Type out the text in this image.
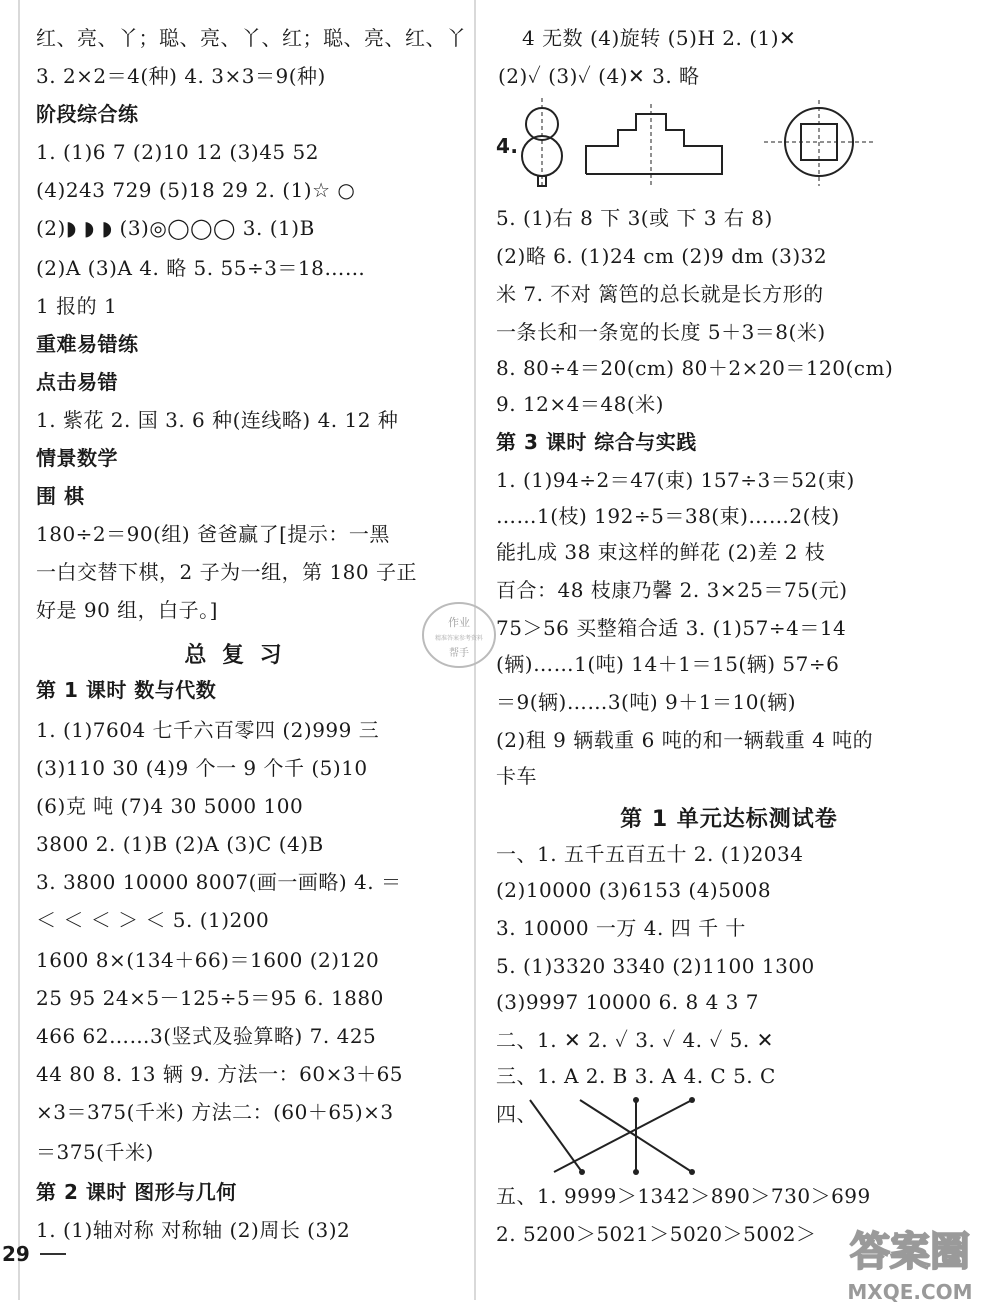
红、亮、丫；聪、亮、丫、红；聪、亮、红、丫
3. 2×2＝4(种) 4. 3×3＝9(种)
阶段综合练
1. (1)6 7 (2)10 12 (3)45 52
(4)243 729 (5)18 29 2. (1)☆ ○
(2)◗ ◗ ◗ (3)◎◯◯◯ 3. (1)B
(2)A (3)A 4. 略 5. 55÷3＝18……
1 报的 1
重难易错练
点击易错
1. 紫花 2. 国 3. 6 种(连线略) 4. 12 种
情景数学
围 棋
180÷2＝90(组) 爸爸赢了[提示：一黑
一白交替下棋，2 子为一组，第 180 子正
好是 90 组，白子。]
总 复 习
第 1 课时 数与代数
1. (1)7604 七千六百零四 (2)999 三
(3)110 30 (4)9 个一 9 个千 (5)10
(6)克 吨 (7)4 30 5000 100
3800 2. (1)B (2)A (3)C (4)B
3. 3800 10000 8007(画一画略) 4. ＝
＜ ＜ ＜ ＞ ＜ 5. (1)200
1600 8×(134＋66)＝1600 (2)120
25 95 24×5－125÷5＝95 6. 1880
466 62……3(竖式及验算略) 7. 425
44 80 8. 13 辆 9. 方法一：60×3＋65
×3＝375(千米) 方法二：(60＋65)×3
＝375(千米)
第 2 课时 图形与几何
1. (1)轴对称 对称轴 (2)周长 (3)2
4 无数 (4)旋转 (5)H 2. (1)✕
(2)✓ (3)✓ (4)✕ 3. 略
4.
5. (1)右 8 下 3(或 下 3 右 8)
(2)略 6. (1)24 cm (2)9 dm (3)32
米 7. 不对 篱笆的总长就是长方形的
一条长和一条宽的长度 5＋3＝8(米)
8. 80÷4＝20(cm) 80＋2×20＝120(cm)
9. 12×4＝48(米)
第 3 课时 综合与实践
1. (1)94÷2＝47(束) 157÷3＝52(束)
……1(枝) 192÷5＝38(束)……2(枝)
能扎成 38 束这样的鲜花 (2)差 2 枝
百合：48 枝康乃馨 2. 3×25＝75(元)
75＞56 买整箱合适 3. (1)57÷4＝14
(辆)……1(吨) 14＋1＝15(辆) 57÷6
＝9(辆)……3(吨) 9＋1＝10(辆)
(2)租 9 辆载重 6 吨的和一辆载重 4 吨的
卡车
第 1 单元达标测试卷
一、1. 五千五百五十 2. (1)2034
(2)10000 (3)6153 (4)5008
3. 10000 一万 4. 四 千 十
5. (1)3320 3340 (2)1100 1300
(3)9997 10000 6. 8 4 3 7
二、1. ✕ 2. ✓ 3. ✓ 4. ✓ 5. ✕
三、1. A 2. B 3. A 4. C 5. C
四、
五、1. 9999＞1342＞890＞730＞699
2. 5200＞5021＞5020＞5002＞
作业
精准答案参考资料
帮手
29	答案圈
MXQE.COM
